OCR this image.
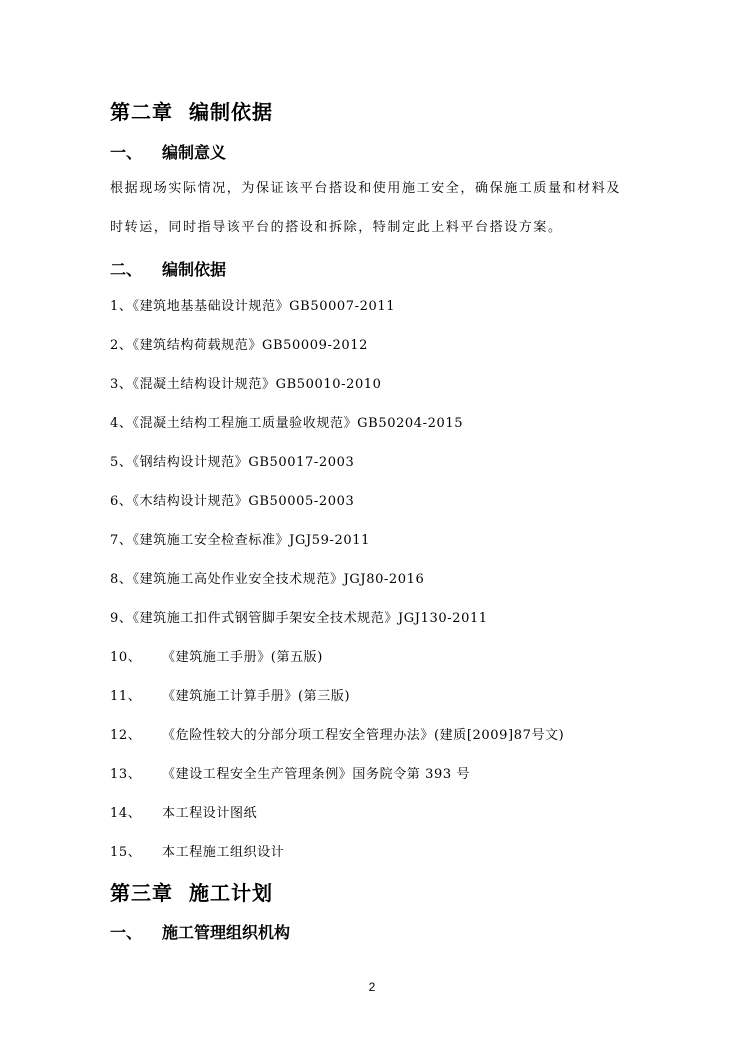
第二章 编制依据
一、 编制意义
根据现场实际情况，为保证该平台搭设和使用施工安全，确保施工质量和材料及
时转运，同时指导该平台的搭设和拆除，特制定此上料平台搭设方案。
二、 编制依据
1、《建筑地基基础设计规范》GB50007-2011
2、《建筑结构荷载规范》GB50009-2012
3、《混凝土结构设计规范》GB50010-2010
4、《混凝土结构工程施工质量验收规范》GB50204-2015
5、《钢结构设计规范》GB50017-2003
6、《木结构设计规范》GB50005-2003
7、《建筑施工安全检查标准》JGJ59-2011
8、《建筑施工高处作业安全技术规范》JGJ80-2016
9、《建筑施工扣件式钢管脚手架安全技术规范》JGJ130-2011
10、 《建筑施工手册》(第五版)
11、 《建筑施工计算手册》(第三版)
12、 《危险性较大的分部分项工程安全管理办法》(建质[2009]87号文)
13、 《建设工程安全生产管理条例》国务院令第 393 号
14、 本工程设计图纸
15、 本工程施工组织设计
第三章 施工计划
一、 施工管理组织机构
2
